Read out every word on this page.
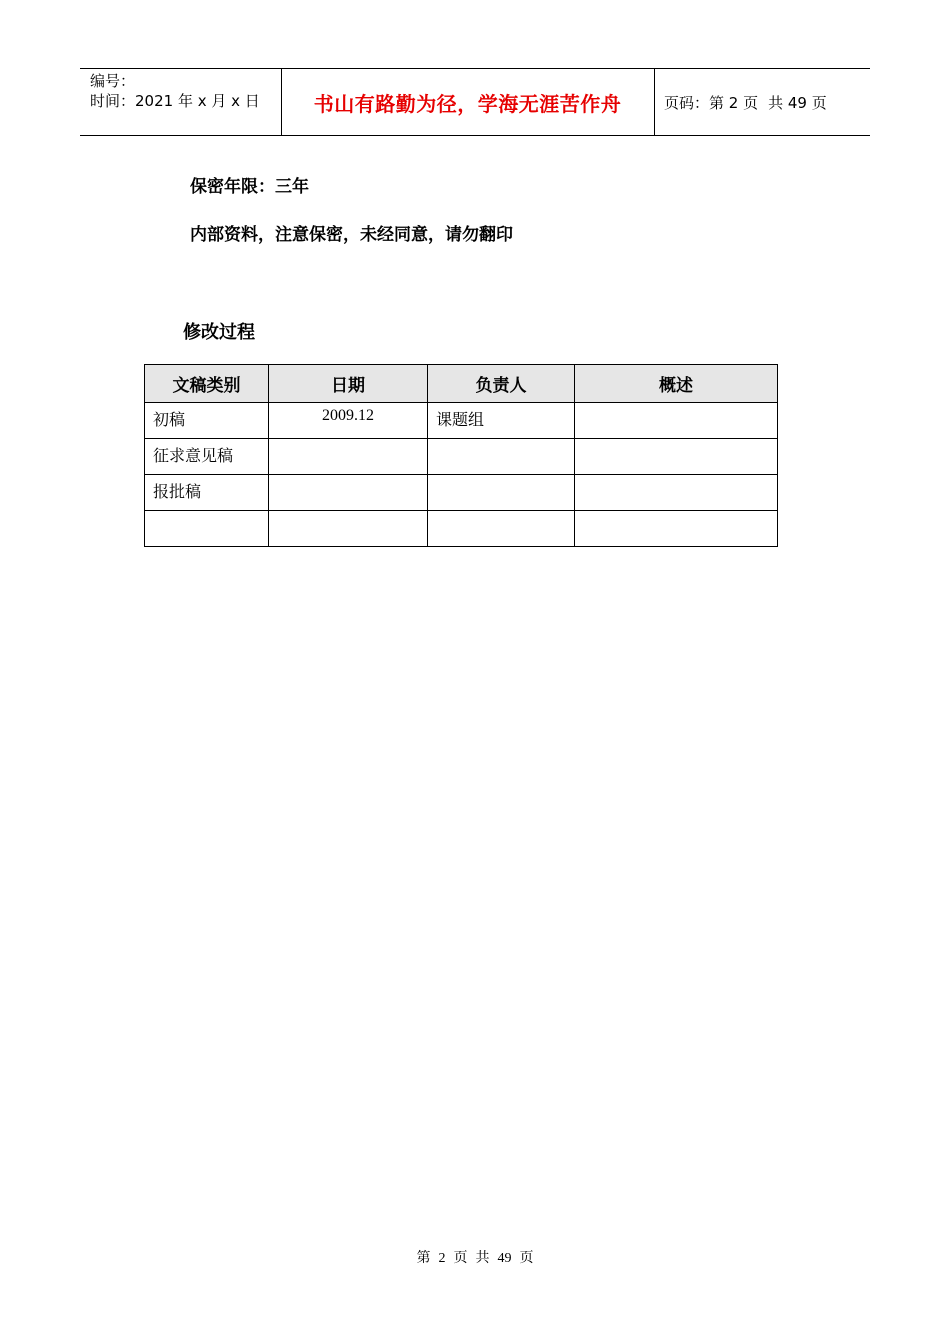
编号：
时间：2021 年 x 月 x 日	书山有路勤为径，学海无涯苦作舟	页码：第 2 页 共 49 页
保密年限：三年
内部资料，注意保密，未经同意，请勿翻印
修改过程
文稿类别	日期	负责人	概述
初稿	2009.12	课题组	
征求意见稿			
报批稿			

第 2 页 共 49 页
